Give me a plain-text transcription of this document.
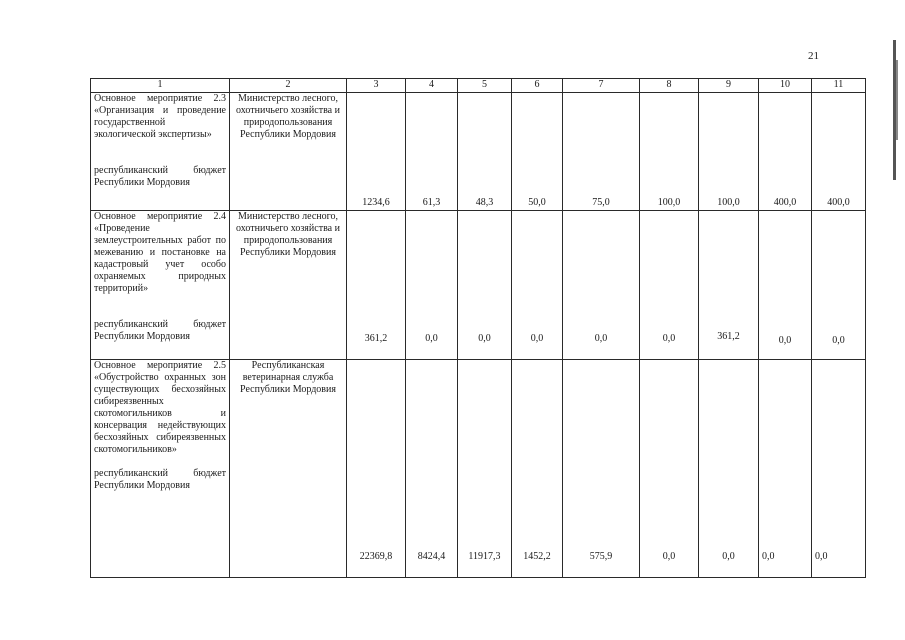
21
1	2	3	4	5	6	7	8	9	10	11

Основное мероприятие 2.3 «Организация и проведение государственной экологической экспертизы»
республиканский бюджет Республики Мордовия	Министерство лесного, охотничьего хозяйства и природопользования Республики Мордовия	1234,6	61,3	48,3	50,0	75,0	100,0	100,0	400,0	400,0

Основное мероприятие 2.4 «Проведение землеустроительных работ по межеванию и постановке на кадастровый учет особо охраняемых природных территорий»
республиканский бюджет Республики Мордовия	Министерство лесного, охотничьего хозяйства и природопользования Республики Мордовия	361,2	0,0	0,0	0,0	0,0	0,0	361,2	0,0	0,0

Основное мероприятие 2.5 «Обустройство охранных зон существующих бесхозяйных сибиреязвенных скотомогильников и консервация недействующих бесхозяйных сибиреязвенных скотомогильников»
республиканский бюджет Республики Мордовия	Республиканская ветеринарная служба Республики Мордовия	22369,8	8424,4	11917,3	1452,2	575,9	0,0	0,0	0,0	0,0
